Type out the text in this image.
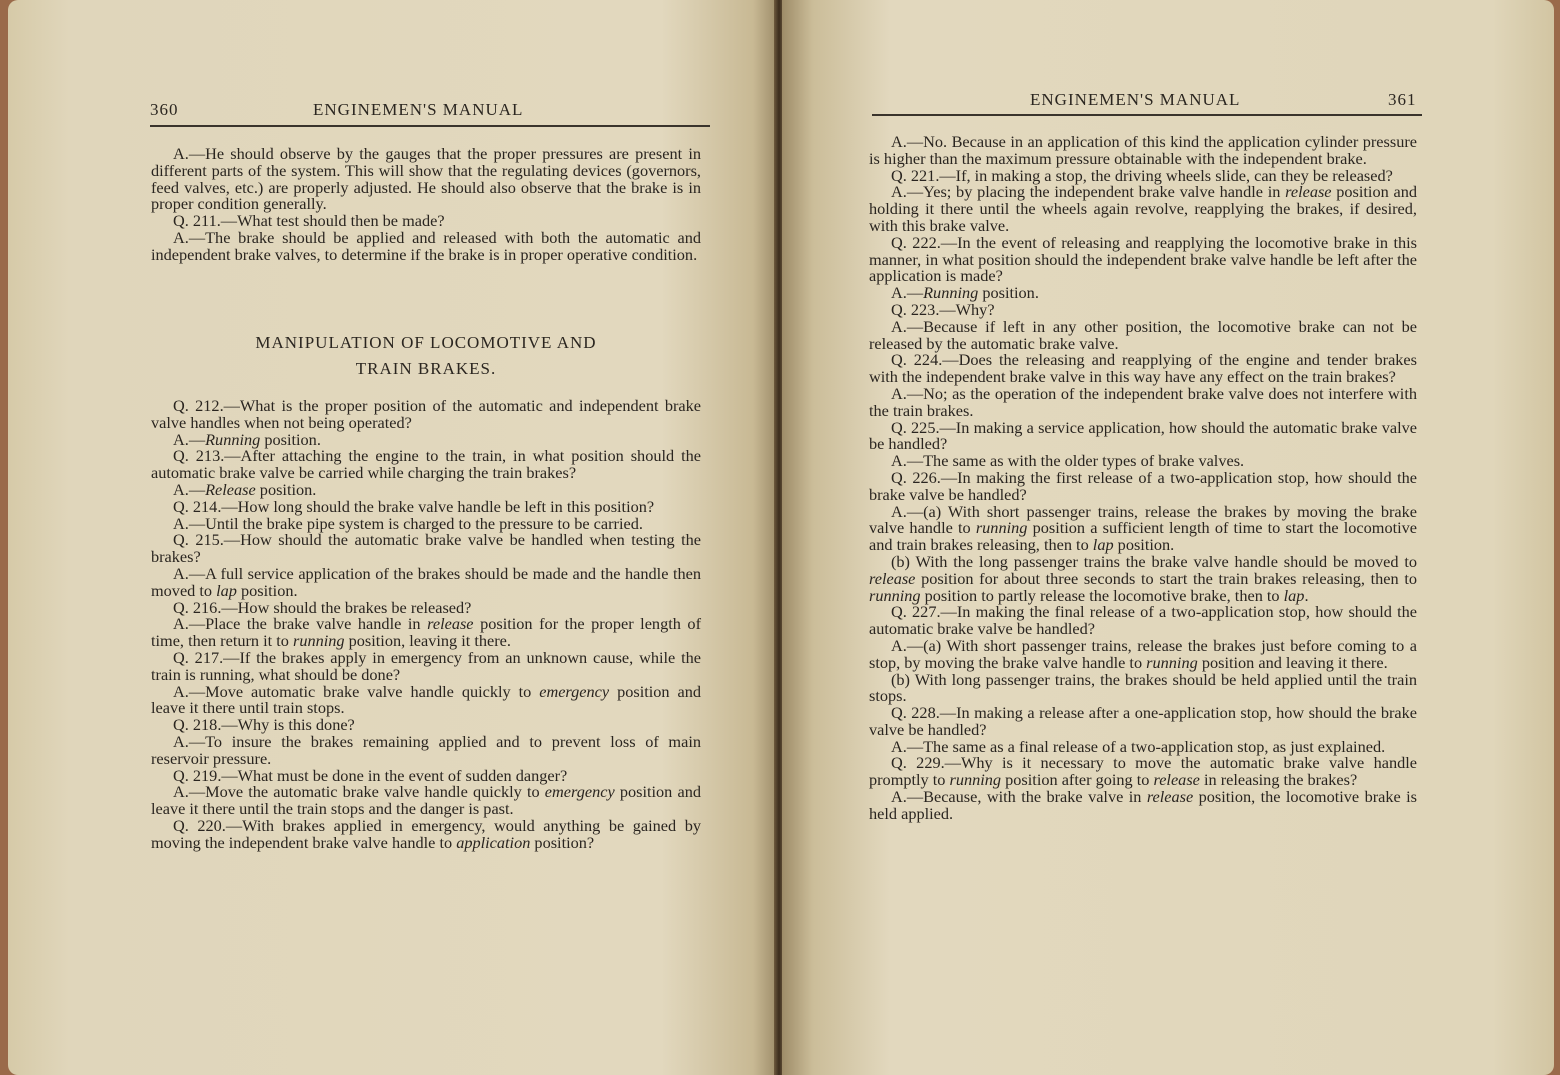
360	ENGINEMEN'S MANUAL

A.—He should observe by the gauges that the proper pressures are present in different parts of the system. This will show that the regulating devices (governors, feed valves, etc.) are properly adjusted. He should also observe that the brake is in proper condition generally.

Q. 211.—What test should then be made?

A.—The brake should be applied and released with both the automatic and independent brake valves, to determine if the brake is in proper operative condition.

MANIPULATION OF LOCOMOTIVE AND
TRAIN BRAKES.

Q. 212.—What is the proper position of the automatic and independent brake valve handles when not being operated?

A.—Running position.

Q. 213.—After attaching the engine to the train, in what position should the automatic brake valve be carried while charging the train brakes?

A.—Release position.

Q. 214.—How long should the brake valve handle be left in this position?

A.—Until the brake pipe system is charged to the pressure to be carried.

Q. 215.—How should the automatic brake valve be handled when testing the brakes?

A.—A full service application of the brakes should be made and the handle then moved to lap position.

Q. 216.—How should the brakes be released?

A.—Place the brake valve handle in release position for the proper length of time, then return it to running position, leaving it there.

Q. 217.—If the brakes apply in emergency from an unknown cause, while the train is running, what should be done?

A.—Move automatic brake valve handle quickly to emergency position and leave it there until train stops.

Q. 218.—Why is this done?

A.—To insure the brakes remaining applied and to prevent loss of main reservoir pressure.

Q. 219.—What must be done in the event of sudden danger?

A.—Move the automatic brake valve handle quickly to emergency position and leave it there until the train stops and the danger is past.

Q. 220.—With brakes applied in emergency, would anything be gained by moving the independent brake valve handle to application position?

ENGINEMEN'S MANUAL	361

A.—No. Because in an application of this kind the application cylinder pressure is higher than the maximum pressure obtainable with the independent brake.

Q. 221.—If, in making a stop, the driving wheels slide, can they be released?

A.—Yes; by placing the independent brake valve handle in release position and holding it there until the wheels again revolve, reapplying the brakes, if desired, with this brake valve.

Q. 222.—In the event of releasing and reapplying the locomotive brake in this manner, in what position should the independent brake valve handle be left after the application is made?

A.—Running position.

Q. 223.—Why?

A.—Because if left in any other position, the locomotive brake can not be released by the automatic brake valve.

Q. 224.—Does the releasing and reapplying of the engine and tender brakes with the independent brake valve in this way have any effect on the train brakes?

A.—No; as the operation of the independent brake valve does not interfere with the train brakes.

Q. 225.—In making a service application, how should the automatic brake valve be handled?

A.—The same as with the older types of brake valves.

Q. 226.—In making the first release of a two-application stop, how should the brake valve be handled?

A.—(a) With short passenger trains, release the brakes by moving the brake valve handle to running position a sufficient length of time to start the locomotive and train brakes releasing, then to lap position.

(b) With the long passenger trains the brake valve handle should be moved to release position for about three seconds to start the train brakes releasing, then to running position to partly release the locomotive brake, then to lap.

Q. 227.—In making the final release of a two-application stop, how should the automatic brake valve be handled?

A.—(a) With short passenger trains, release the brakes just before coming to a stop, by moving the brake valve handle to running position and leaving it there.

(b) With long passenger trains, the brakes should be held applied until the train stops.

Q. 228.—In making a release after a one-application stop, how should the brake valve be handled?

A.—The same as a final release of a two-application stop, as just explained.

Q. 229.—Why is it necessary to move the automatic brake valve handle promptly to running position after going to release in releasing the brakes?

A.—Because, with the brake valve in release position, the locomotive brake is held applied.
